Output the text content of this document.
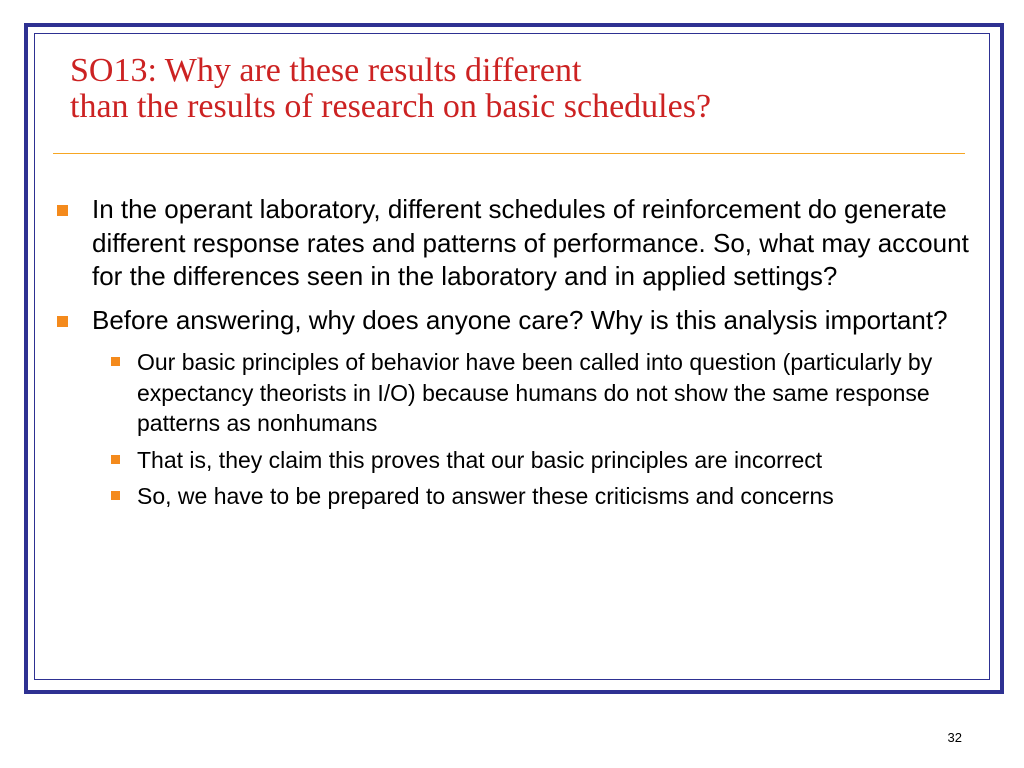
SO13: Why are these results different
than the results of research on basic schedules?
In the operant laboratory, different schedules of reinforcement do generate different response rates and patterns of performance. So, what may account for the differences seen in the laboratory and in applied settings?
Before answering, why does anyone care? Why is this analysis important?
Our basic principles of behavior have been called into question (particularly by expectancy theorists in I/O) because humans do not show the same response patterns as nonhumans
That is, they claim this proves that our basic principles are incorrect
So, we have to be prepared to answer these criticisms and concerns
32
